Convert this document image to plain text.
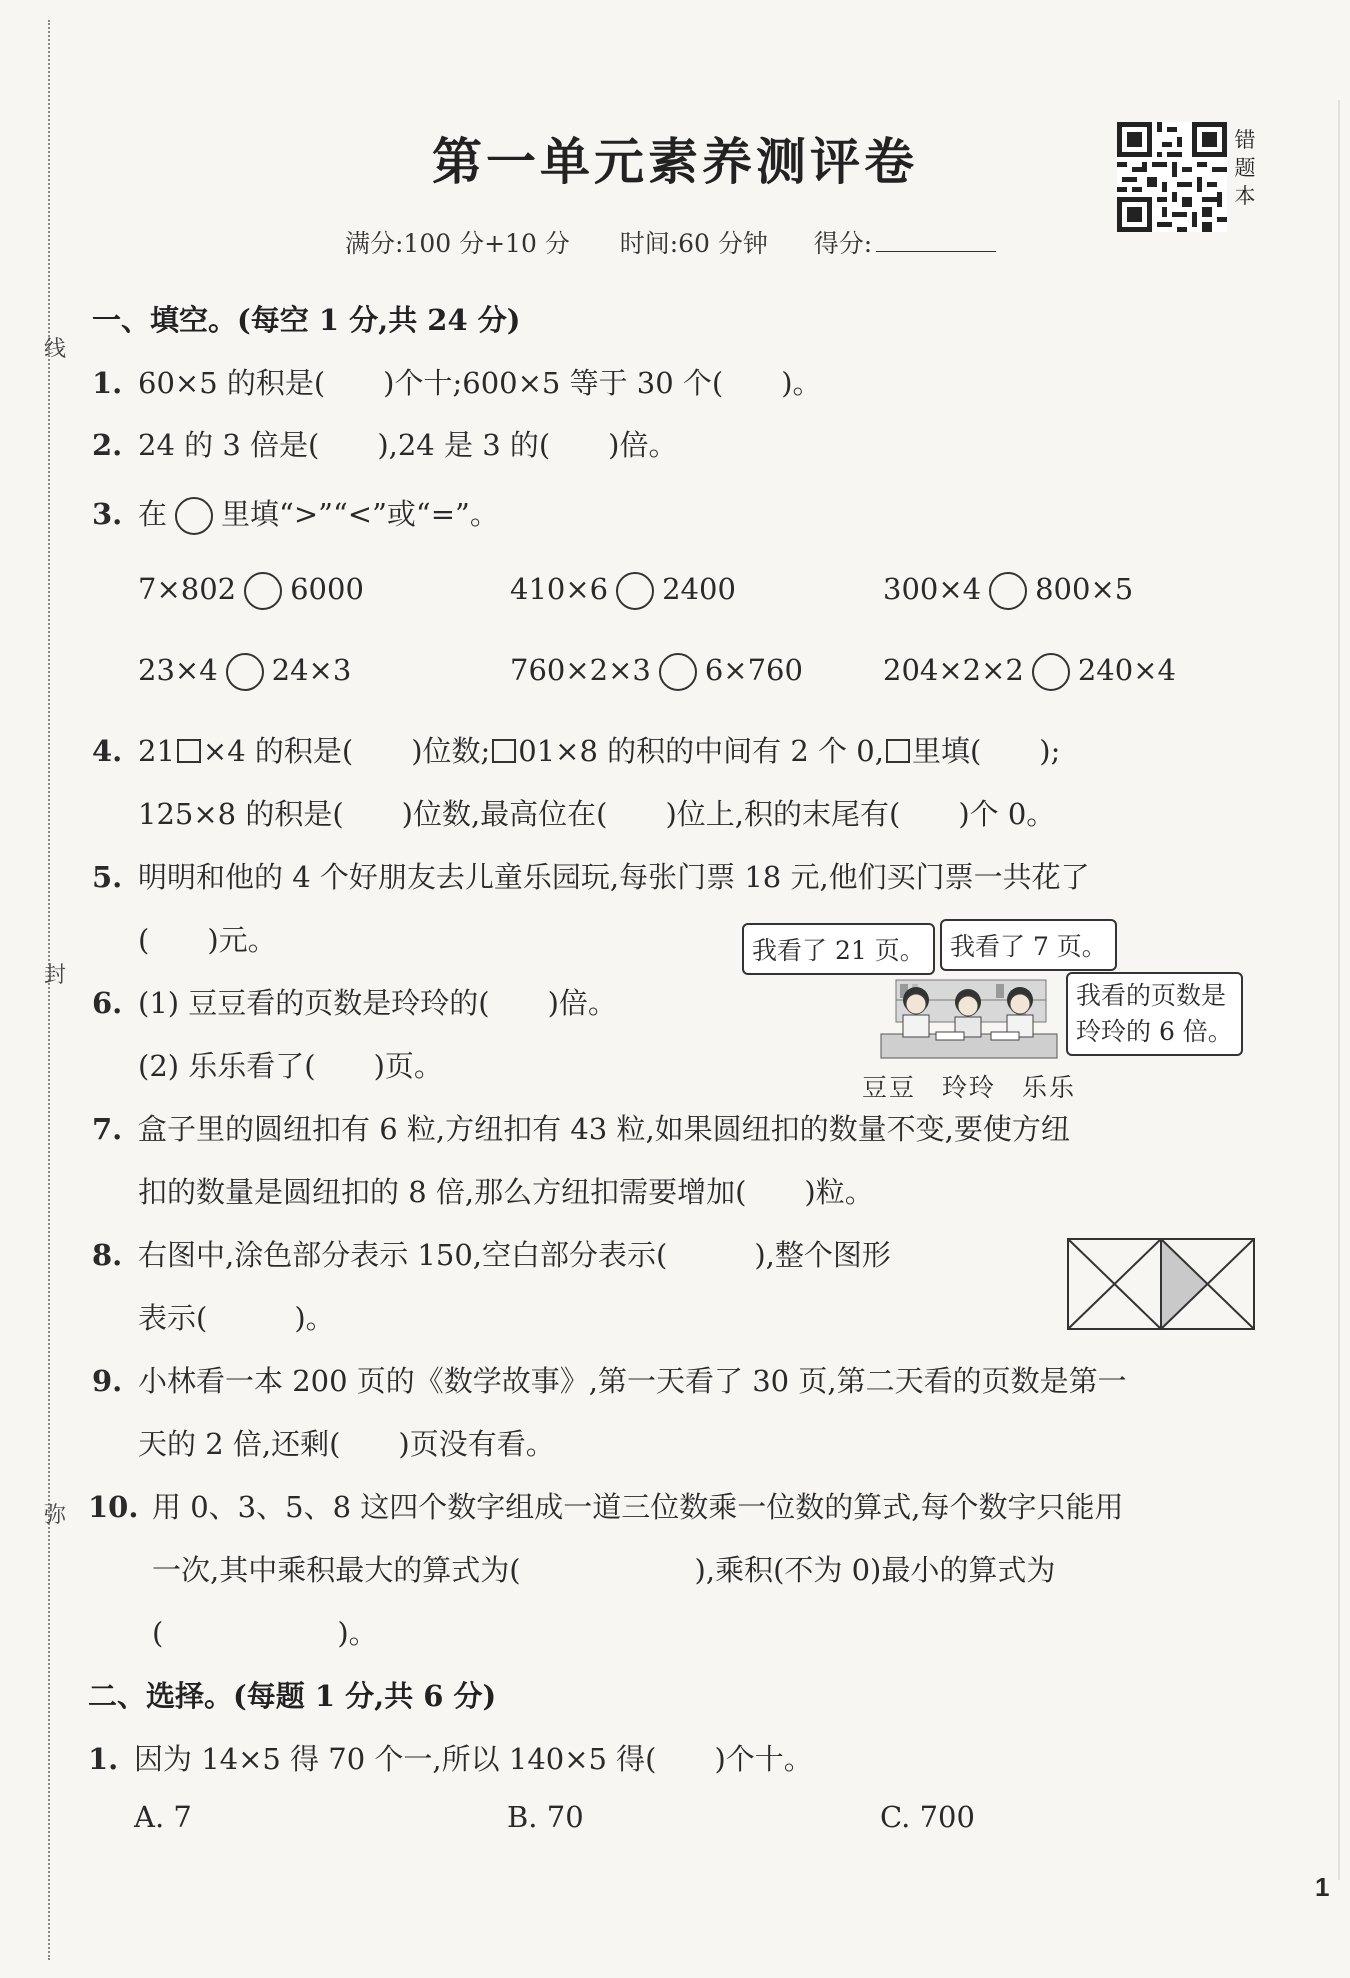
线
封
弥
第一单元素养测评卷	错
题
本
满分:100 分+10 分 时间:60 分钟 得分:
一、填空。(每空 1 分,共 24 分)
1. 60×5 的积是(　　)个十;600×5 等于 30 个(　　)。
2. 24 的 3 倍是(　　),24 是 3 的(　　)倍。
3. 在 里填“>”“<”或“=”。
7×802 6000	410×6 2400	300×4 800×5
23×4 24×3	760×2×3 6×760	204×2×2 240×4
4. 21 ×4 的积是(　　)位数; 01×8 的积的中间有 2 个 0, 里填(　　);
125×8 的积是(　　)位数,最高位在(　　)位上,积的末尾有(　　)个 0。
5. 明明和他的 4 个好朋友去儿童乐园玩,每张门票 18 元,他们买门票一共花了
(　　)元。
6. (1) 豆豆看的页数是玲玲的(　　)倍。
(2) 乐乐看了(　　)页。
我看了 21 页。	我看了 7 页。
我看的页数是
玲玲的 6 倍。
豆豆 玲玲 乐乐
7. 盒子里的圆纽扣有 6 粒,方纽扣有 43 粒,如果圆纽扣的数量不变,要使方纽
扣的数量是圆纽扣的 8 倍,那么方纽扣需要增加(　　)粒。
8. 右图中,涂色部分表示 150,空白部分表示(　　　),整个图形
表示(　　　)。
9. 小林看一本 200 页的《数学故事》,第一天看了 30 页,第二天看的页数是第一
天的 2 倍,还剩(　　)页没有看。
10. 用 0、3、5、8 这四个数字组成一道三位数乘一位数的算式,每个数字只能用
一次,其中乘积最大的算式为(　　　　　　),乘积(不为 0)最小的算式为
(　　　　　　)。
二、选择。(每题 1 分,共 6 分)
1. 因为 14×5 得 70 个一,所以 140×5 得(　　)个十。
A. 7	B. 70	C. 700
1
